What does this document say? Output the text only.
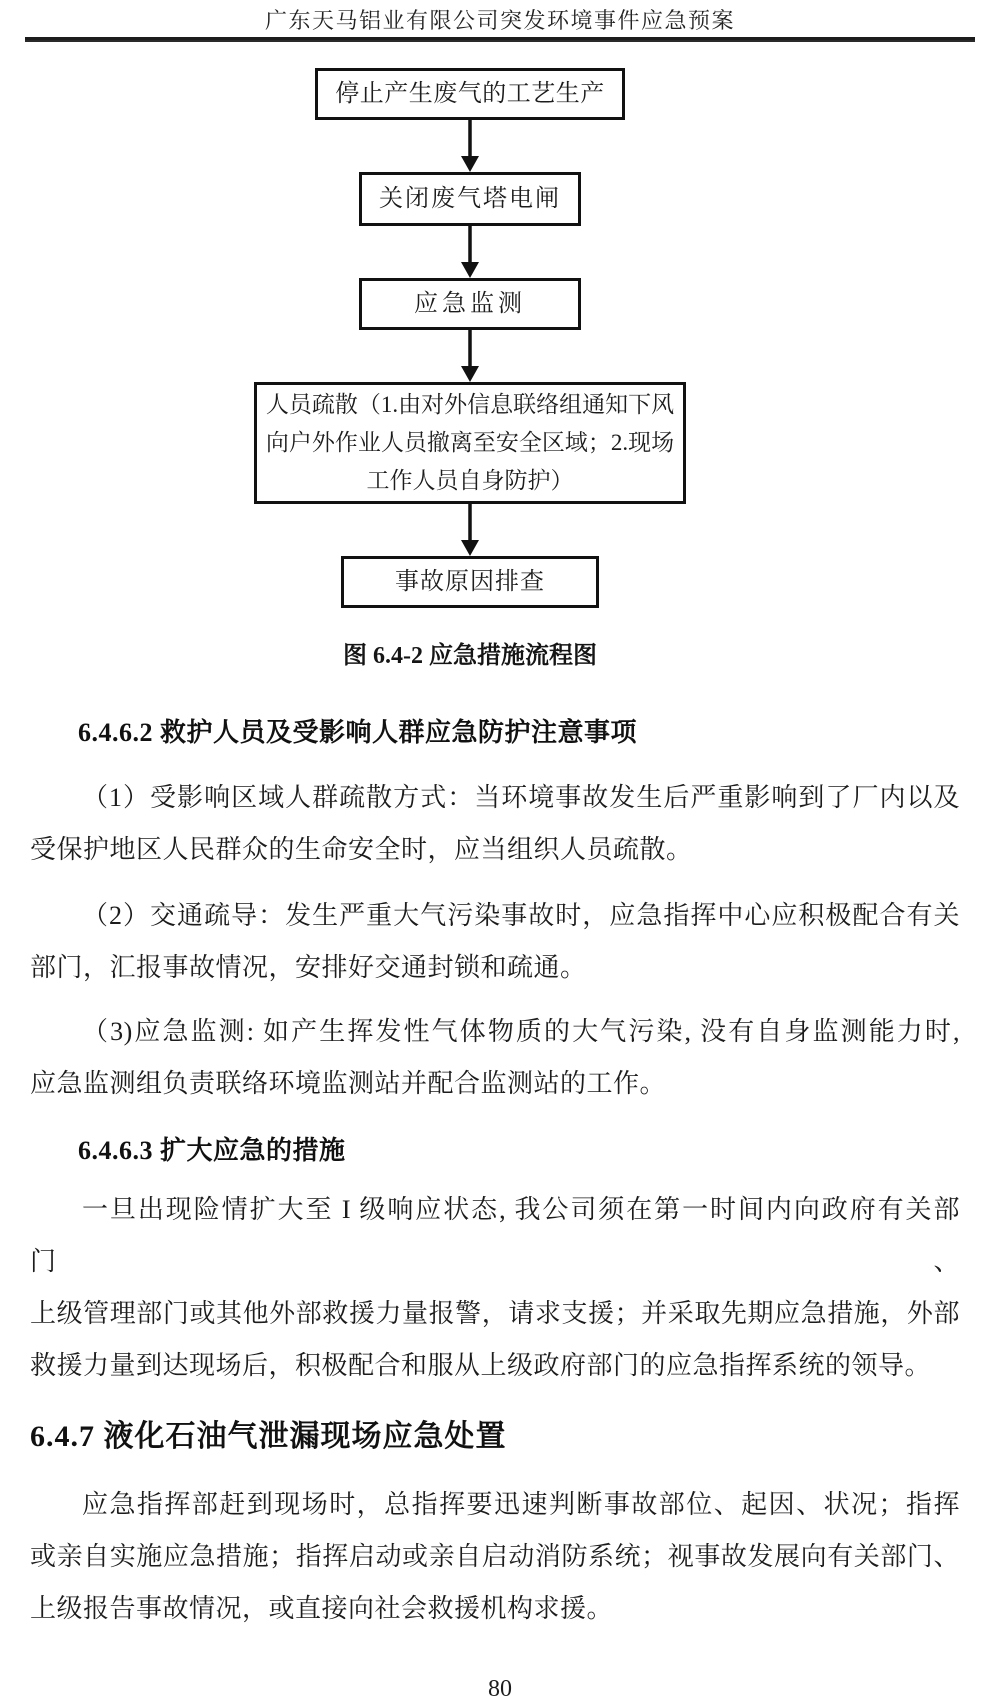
广东天马铝业有限公司突发环境事件应急预案
停止产生废气的工艺生产
关闭废气塔电闸
应急监测
人员疏散（1.由对外信息联络组通知下风
向户外作业人员撤离至安全区域；2.现场
工作人员自身防护）
事故原因排查
图 6.4-2 应急措施流程图
6.4.6.2 救护人员及受影响人群应急防护注意事项
（1）受影响区域人群疏散方式：当环境事故发生后严重影响到了厂内以及
受保护地区人民群众的生命安全时，应当组织人员疏散。
（2）交通疏导：发生严重大气污染事故时，应急指挥中心应积极配合有关
部门，汇报事故情况，安排好交通封锁和疏通。
（3)应急监测: 如产生挥发性气体物质的大气污染, 没有自身监测能力时,
应急监测组负责联络环境监测站并配合监测站的工作。
6.4.6.3 扩大应急的措施
一旦出现险情扩大至 I 级响应状态, 我公司须在第一时间内向政府有关部门、
上级管理部门或其他外部救援力量报警，请求支援；并采取先期应急措施，外部
救援力量到达现场后，积极配合和服从上级政府部门的应急指挥系统的领导。
6.4.7 液化石油气泄漏现场应急处置
应急指挥部赶到现场时，总指挥要迅速判断事故部位、起因、状况；指挥
或亲自实施应急措施；指挥启动或亲自启动消防系统；视事故发展向有关部门、
上级报告事故情况，或直接向社会救援机构求援。
80
